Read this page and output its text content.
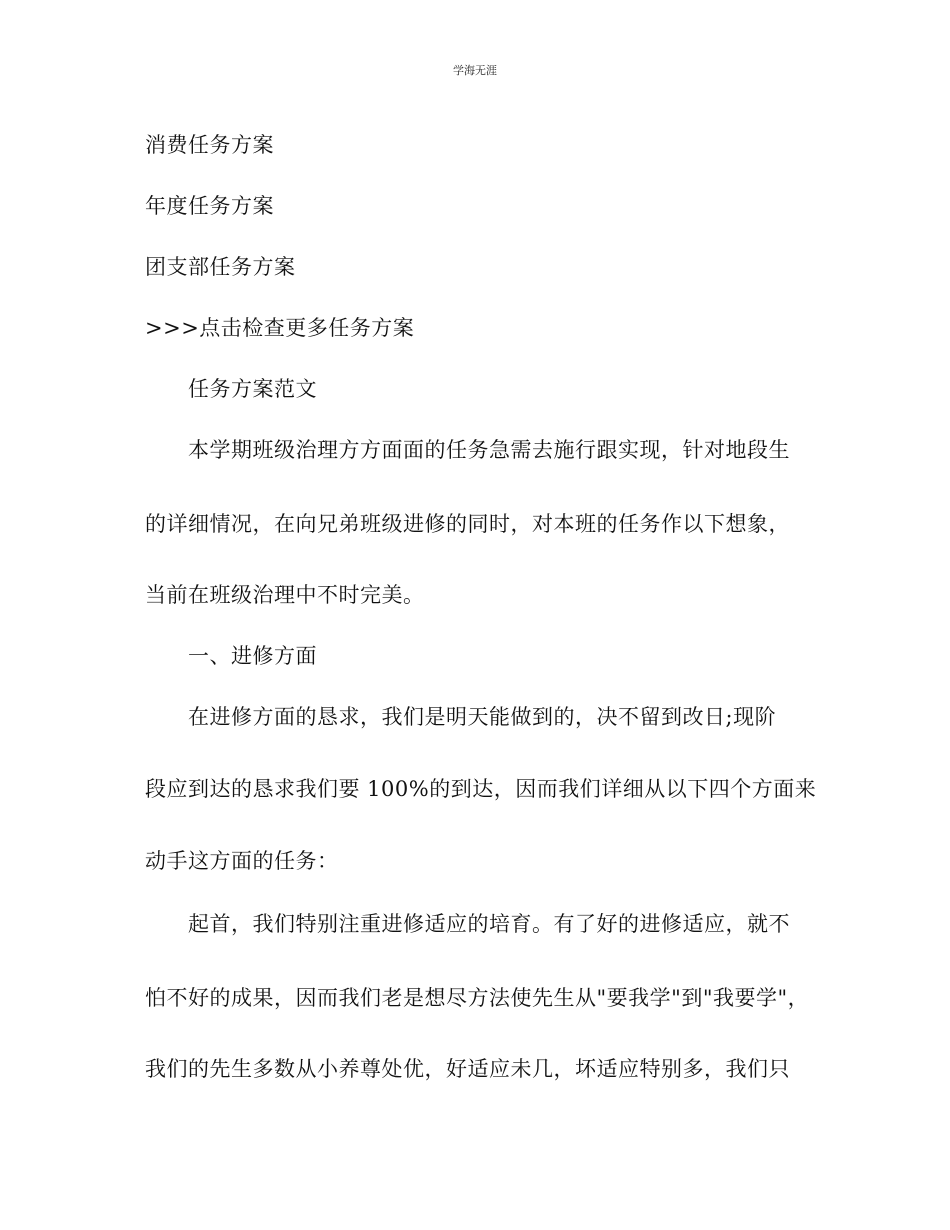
学海无涯
消费任务方案
年度任务方案
团支部任务方案
>>>点击检查更多任务方案
任务方案范文
本学期班级治理方方面面的任务急需去施行跟实现，针对地段生
的详细情况，在向兄弟班级进修的同时，对本班的任务作以下想象，
当前在班级治理中不时完美。
一、进修方面
在进修方面的恳求，我们是明天能做到的，决不留到改日;现阶
段应到达的恳求我们要 100%的到达，因而我们详细从以下四个方面来
动手这方面的任务：
起首，我们特别注重进修适应的培育。有了好的进修适应，就不
怕不好的成果，因而我们老是想尽方法使先生从"要我学"到"我要学"，
我们的先生多数从小养尊处优，好适应未几，坏适应特别多，我们只
